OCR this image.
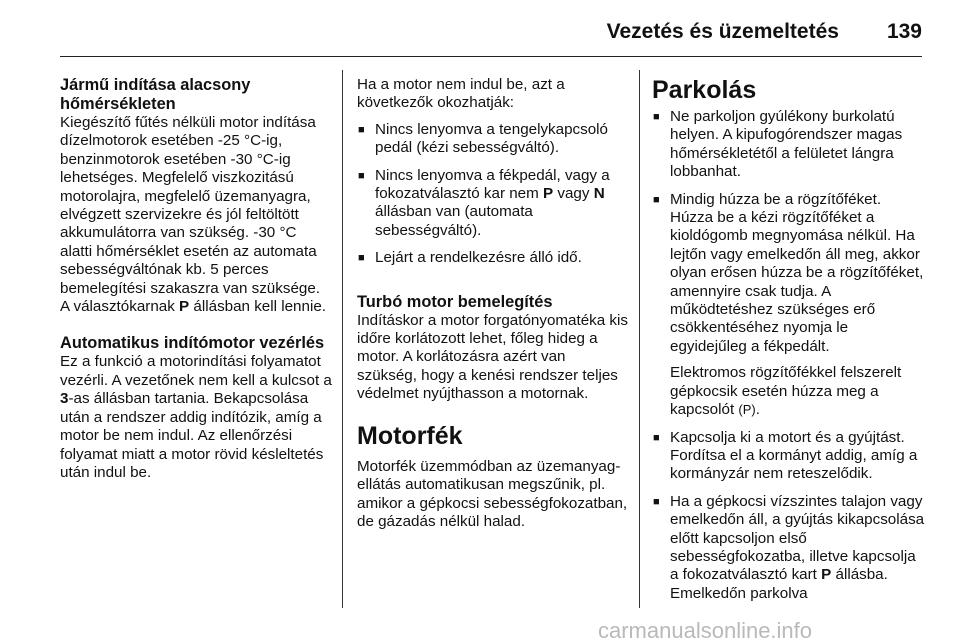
Vezetés és üzemeltetés 139
Jármű indítása alacsony hőmérsékleten

Kiegészítő fűtés nélküli motor indítása dízelmotorok esetében -25 °C-ig, benzinmotorok esetében -30 °C-ig lehetséges. Megfelelő viszkozitású motorolajra, megfelelő üzemanyagra, elvégzett szervizekre és jól feltöltött akkumulátorra van szükség. -30 °C alatti hőmérséklet esetén az automata sebességváltónak kb. 5 perces bemelegítési szakaszra van szüksége. A választókarnak P állásban kell lennie.

Automatikus indítómotor vezérlés

Ez a funkció a motorindítási folyamatot vezérli. A vezetőnek nem kell a kulcsot a 3-as állásban tartania. Bekapcsolása után a rendszer addig indítózik, amíg a motor be nem indul. Az ellenőrzési folyamat miatt a motor rövid késleltetés után indul be.

Ha a motor nem indul be, azt a következők okozhatják:

■ Nincs lenyomva a tengelykapcsoló pedál (kézi sebességváltó).
■ Nincs lenyomva a fékpedál, vagy a fokozatválasztó kar nem P vagy N állásban van (automata sebességváltó).
■ Lejárt a rendelkezésre álló idő.
Turbó motor bemelegítés

Indításkor a motor forgatónyomatéka kis időre korlátozott lehet, főleg hideg a motor. A korlátozásra azért van szükség, hogy a kenési rendszer teljes védelmet nyújthasson a motornak.

Motorfék

Motorfék üzemmódban az üzemanyag-ellátás automatikusan megszűnik, pl. amikor a gépkocsi sebességfokozatban, de gázadás nélkül halad.

Parkolás
■ Ne parkoljon gyúlékony burkolatú helyen. A kipufogórendszer magas hőmérsékletétől a felületet lángra lobbanhat.
■ Mindig húzza be a rögzítőféket. Húzza be a kézi rögzítőféket a kioldógomb megnyomása nélkül. Ha lejtőn vagy emelkedőn áll meg, akkor olyan erősen húzza be a rögzítőféket, amennyire csak tudja. A működtetéshez szükséges erő csökkentéséhez nyomja le egyidejűleg a fékpedált.

Elektromos rögzítőfékkel felszerelt gépkocsik esetén húzza meg a kapcsolót (P).

■ Kapcsolja ki a motort és a gyújtást. Fordítsa el a kormányt addig, amíg a kormányzár nem reteszelődik.
■ Ha a gépkocsi vízszintes talajon vagy emelkedőn áll, a gyújtás kikapcsolása előtt kapcsoljon első sebességfokozatba, illetve kapcsolja a fokozatválasztó kart P állásba. Emelkedőn parkolva
carmanualsonline.info
